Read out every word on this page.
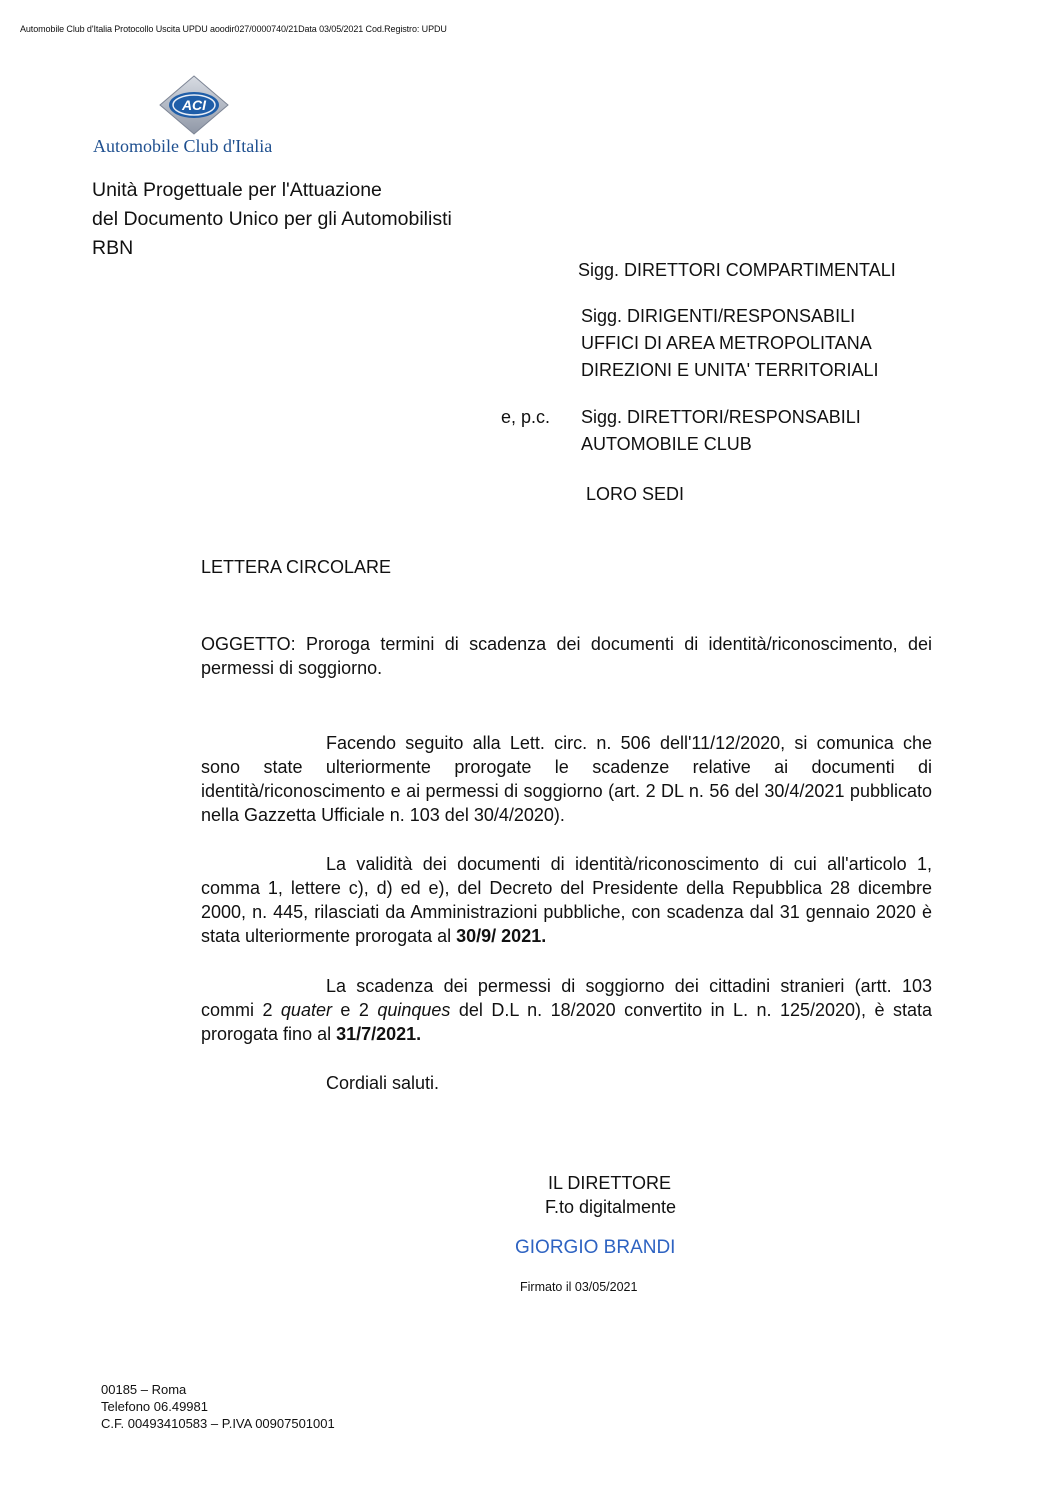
Automobile Club d'Italia Protocollo Uscita UPDU aoodir027/0000740/21Data 03/05/2021 Cod.Registro: UPDU
ACI
Automobile Club d'Italia
Unità Progettuale per l'Attuazione
del Documento Unico per gli Automobilisti
RBN
Sigg. DIRETTORI COMPARTIMENTALI
Sigg. DIRIGENTI/RESPONSABILI
UFFICI DI AREA METROPOLITANA
DIREZIONI E UNITA' TERRITORIALI
e, p.c. Sigg. DIRETTORI/RESPONSABILI
AUTOMOBILE CLUB
LORO SEDI
LETTERA CIRCOLARE
OGGETTO: Proroga termini di scadenza dei documenti di identità/riconoscimento, dei permessi di soggiorno.
Facendo seguito alla Lett. circ. n. 506 dell'11/12/2020, si comunica che sono state ulteriormente prorogate le scadenze relative ai documenti di identità/riconoscimento e ai permessi di soggiorno (art. 2 DL n. 56 del 30/4/2021 pubblicato nella Gazzetta Ufficiale n. 103 del 30/4/2020).
La validità dei documenti di identità/riconoscimento di cui all'articolo 1, comma 1, lettere c), d) ed e), del Decreto del Presidente della Repubblica 28 dicembre 2000, n. 445, rilasciati da Amministrazioni pubbliche, con scadenza dal 31 gennaio 2020 è stata ulteriormente prorogata al 30/9/ 2021.
La scadenza dei permessi di soggiorno dei cittadini stranieri (artt. 103 commi 2 quater e 2 quinques del D.L n. 18/2020 convertito in L. n. 125/2020), è stata prorogata fino al 31/7/2021.
Cordiali saluti.
IL DIRETTORE
F.to digitalmente
GIORGIO BRANDI
Firmato il 03/05/2021
00185 – Roma
Telefono 06.49981
C.F. 00493410583 – P.IVA 00907501001
